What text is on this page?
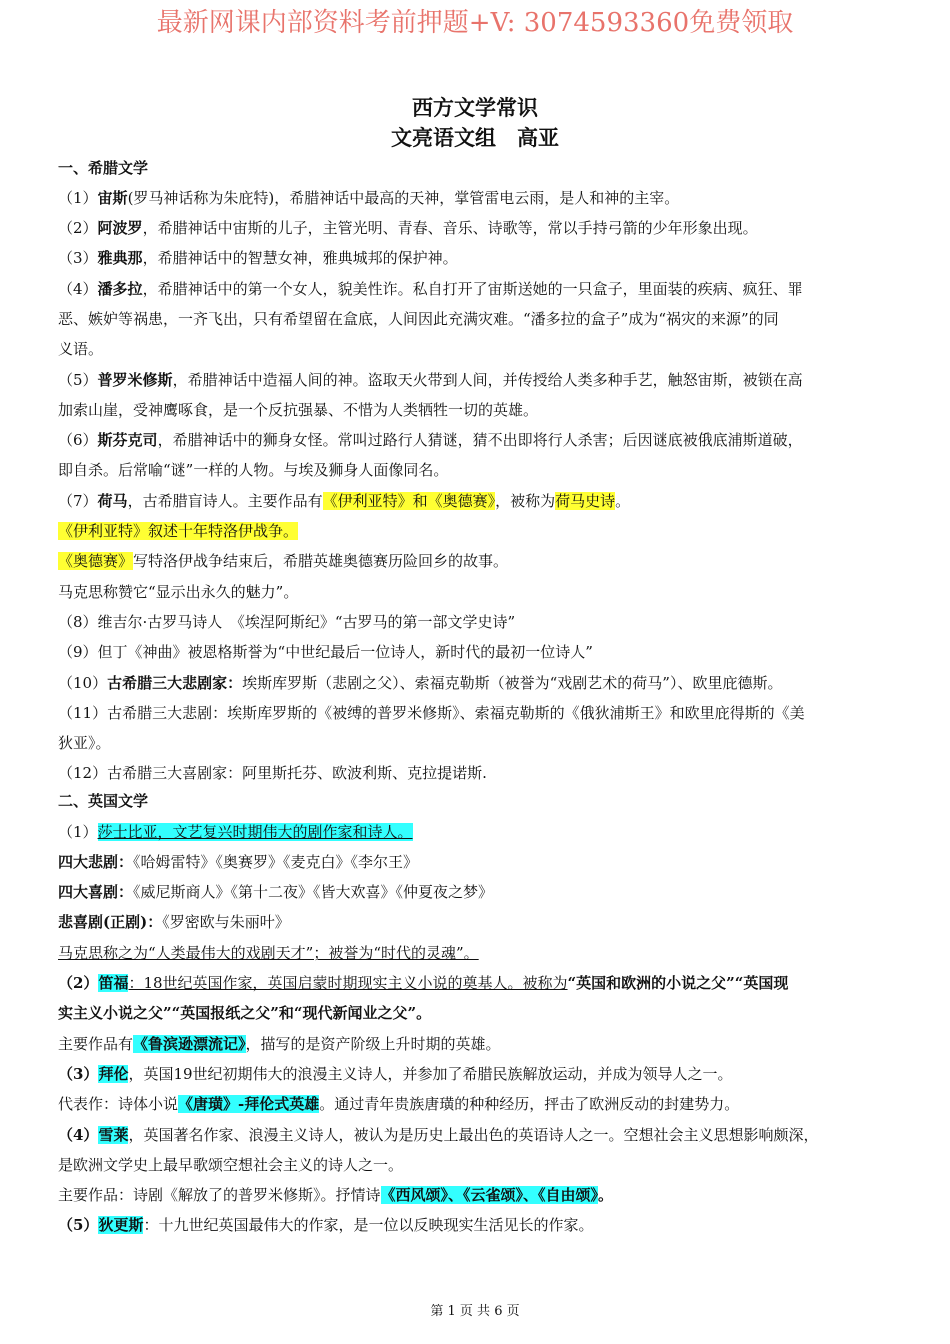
最新网课内部资料考前押题+V: 3074593360免费领取
西方文学常识
文亮语文组　高亚
一、希腊文学
（1）宙斯(罗马神话称为朱庇特)，希腊神话中最高的天神，掌管雷电云雨，是人和神的主宰。
（2）阿波罗，希腊神话中宙斯的儿子，主管光明、青春、音乐、诗歌等，常以手持弓箭的少年形象出现。
（3）雅典那，希腊神话中的智慧女神，雅典城邦的保护神。
（4）潘多拉，希腊神话中的第一个女人，貌美性诈。私自打开了宙斯送她的一只盒子，里面装的疾病、疯狂、罪
恶、嫉妒等祸患，一齐飞出，只有希望留在盒底，人间因此充满灾难。“潘多拉的盒子”成为“祸灾的来源”的同
义语。
（5）普罗米修斯，希腊神话中造福人间的神。盗取天火带到人间，并传授给人类多种手艺，触怒宙斯，被锁在高
加索山崖，受神鹰啄食，是一个反抗强暴、不惜为人类牺牲一切的英雄。
（6）斯芬克司，希腊神话中的狮身女怪。常叫过路行人猜谜，猜不出即将行人杀害；后因谜底被俄底浦斯道破，
即自杀。后常喻“谜”一样的人物。与埃及狮身人面像同名。
（7）荷马，古希腊盲诗人。主要作品有《伊利亚特》和《奥德赛》，被称为荷马史诗。
《伊利亚特》叙述十年特洛伊战争。
《奥德赛》写特洛伊战争结束后，希腊英雄奥德赛历险回乡的故事。
马克思称赞它“显示出永久的魅力”。
（8）维吉尔·古罗马诗人　《埃涅阿斯纪》“古罗马的第一部文学史诗”
（9）但丁《神曲》被恩格斯誉为“中世纪最后一位诗人，新时代的最初一位诗人”
（10）古希腊三大悲剧家：埃斯库罗斯（悲剧之父）、索福克勒斯（被誉为“戏剧艺术的荷马”）、欧里庇德斯。
（11）古希腊三大悲剧：埃斯库罗斯的《被缚的普罗米修斯》、索福克勒斯的《俄狄浦斯王》和欧里庇得斯的《美
狄亚》。
（12）古希腊三大喜剧家：阿里斯托芬、欧波利斯、克拉提诺斯.
二、英国文学
（1）莎士比亚，文艺复兴时期伟大的剧作家和诗人。
四大悲剧：《哈姆雷特》《奥赛罗》《麦克白》《李尔王》
四大喜剧：《威尼斯商人》《第十二夜》《皆大欢喜》《仲夏夜之梦》
悲喜剧(正剧)：《罗密欧与朱丽叶》
马克思称之为“人类最伟大的戏剧天才”；被誉为“时代的灵魂”。
（2）笛福：18世纪英国作家，英国启蒙时期现实主义小说的奠基人。被称为“英国和欧洲的小说之父”“英国现
实主义小说之父”“英国报纸之父”和“现代新闻业之父”。
主要作品有《鲁滨逊漂流记》，描写的是资产阶级上升时期的英雄。
（3）拜伦，英国19世纪初期伟大的浪漫主义诗人，并参加了希腊民族解放运动，并成为领导人之一。
代表作：诗体小说《唐璜》-拜伦式英雄。通过青年贵族唐璜的种种经历，抨击了欧洲反动的封建势力。
（4）雪莱，英国著名作家、浪漫主义诗人，被认为是历史上最出色的英语诗人之一。空想社会主义思想影响颇深，
是欧洲文学史上最早歌颂空想社会主义的诗人之一。
主要作品：诗剧《解放了的普罗米修斯》。抒情诗《西风颂》、《云雀颂》、《自由颂》。
（5）狄更斯：十九世纪英国最伟大的作家，是一位以反映现实生活见长的作家。
第 1 页 共 6 页
